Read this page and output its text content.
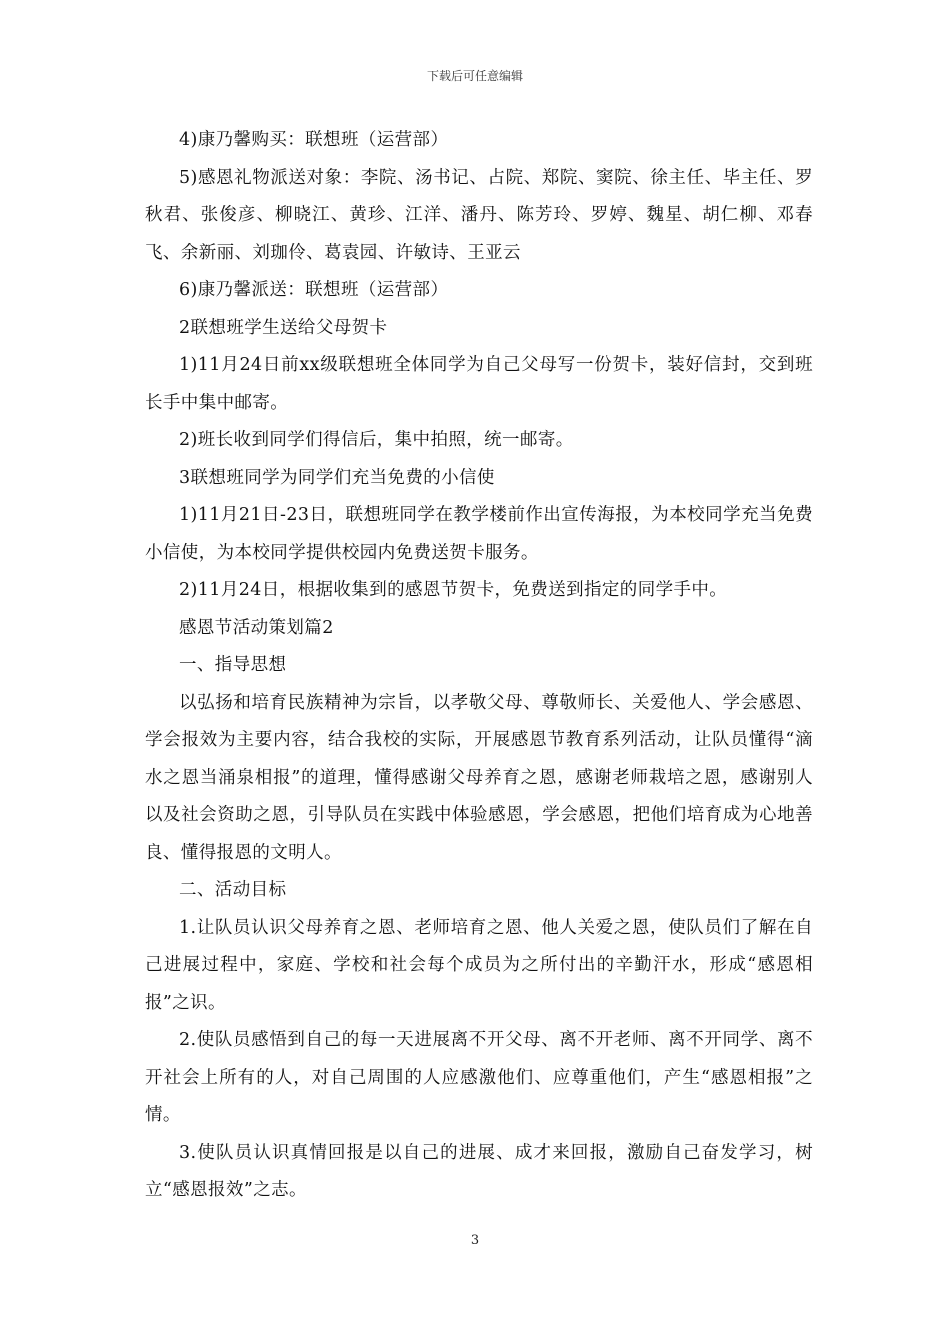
下载后可任意编辑

4)康乃馨购买：联想班（运营部）

5)感恩礼物派送对象：李院、汤书记、占院、郑院、窦院、徐主任、毕主任、罗秋君、张俊彦、柳晓江、黄珍、江洋、潘丹、陈芳玲、罗婷、魏星、胡仁柳、邓春飞、余新丽、刘珈伶、葛袁园、许敏诗、王亚云

6)康乃馨派送：联想班（运营部）

2联想班学生送给父母贺卡

1)11月24日前xx级联想班全体同学为自己父母写一份贺卡，装好信封，交到班长手中集中邮寄。

2)班长收到同学们得信后，集中拍照，统一邮寄。

3联想班同学为同学们充当免费的小信使

1)11月21日-23日，联想班同学在教学楼前作出宣传海报，为本校同学充当免费小信使，为本校同学提供校园内免费送贺卡服务。

2)11月24日，根据收集到的感恩节贺卡，免费送到指定的同学手中。

感恩节活动策划篇2

一、指导思想

以弘扬和培育民族精神为宗旨，以孝敬父母、尊敬师长、关爱他人、学会感恩、学会报效为主要内容，结合我校的实际，开展感恩节教育系列活动，让队员懂得“滴水之恩当涌泉相报”的道理，懂得感谢父母养育之恩，感谢老师栽培之恩，感谢别人以及社会资助之恩，引导队员在实践中体验感恩，学会感恩，把他们培育成为心地善良、懂得报恩的文明人。

二、活动目标

1.让队员认识父母养育之恩、老师培育之恩、他人关爱之恩，使队员们了解在自己进展过程中，家庭、学校和社会每个成员为之所付出的辛勤汗水，形成“感恩相报”之识。

2.使队员感悟到自己的每一天进展离不开父母、离不开老师、离不开同学、离不开社会上所有的人，对自己周围的人应感激他们、应尊重他们，产生“感恩相报”之情。

3.使队员认识真情回报是以自己的进展、成才来回报，激励自己奋发学习，树立“感恩报效”之志。

3
